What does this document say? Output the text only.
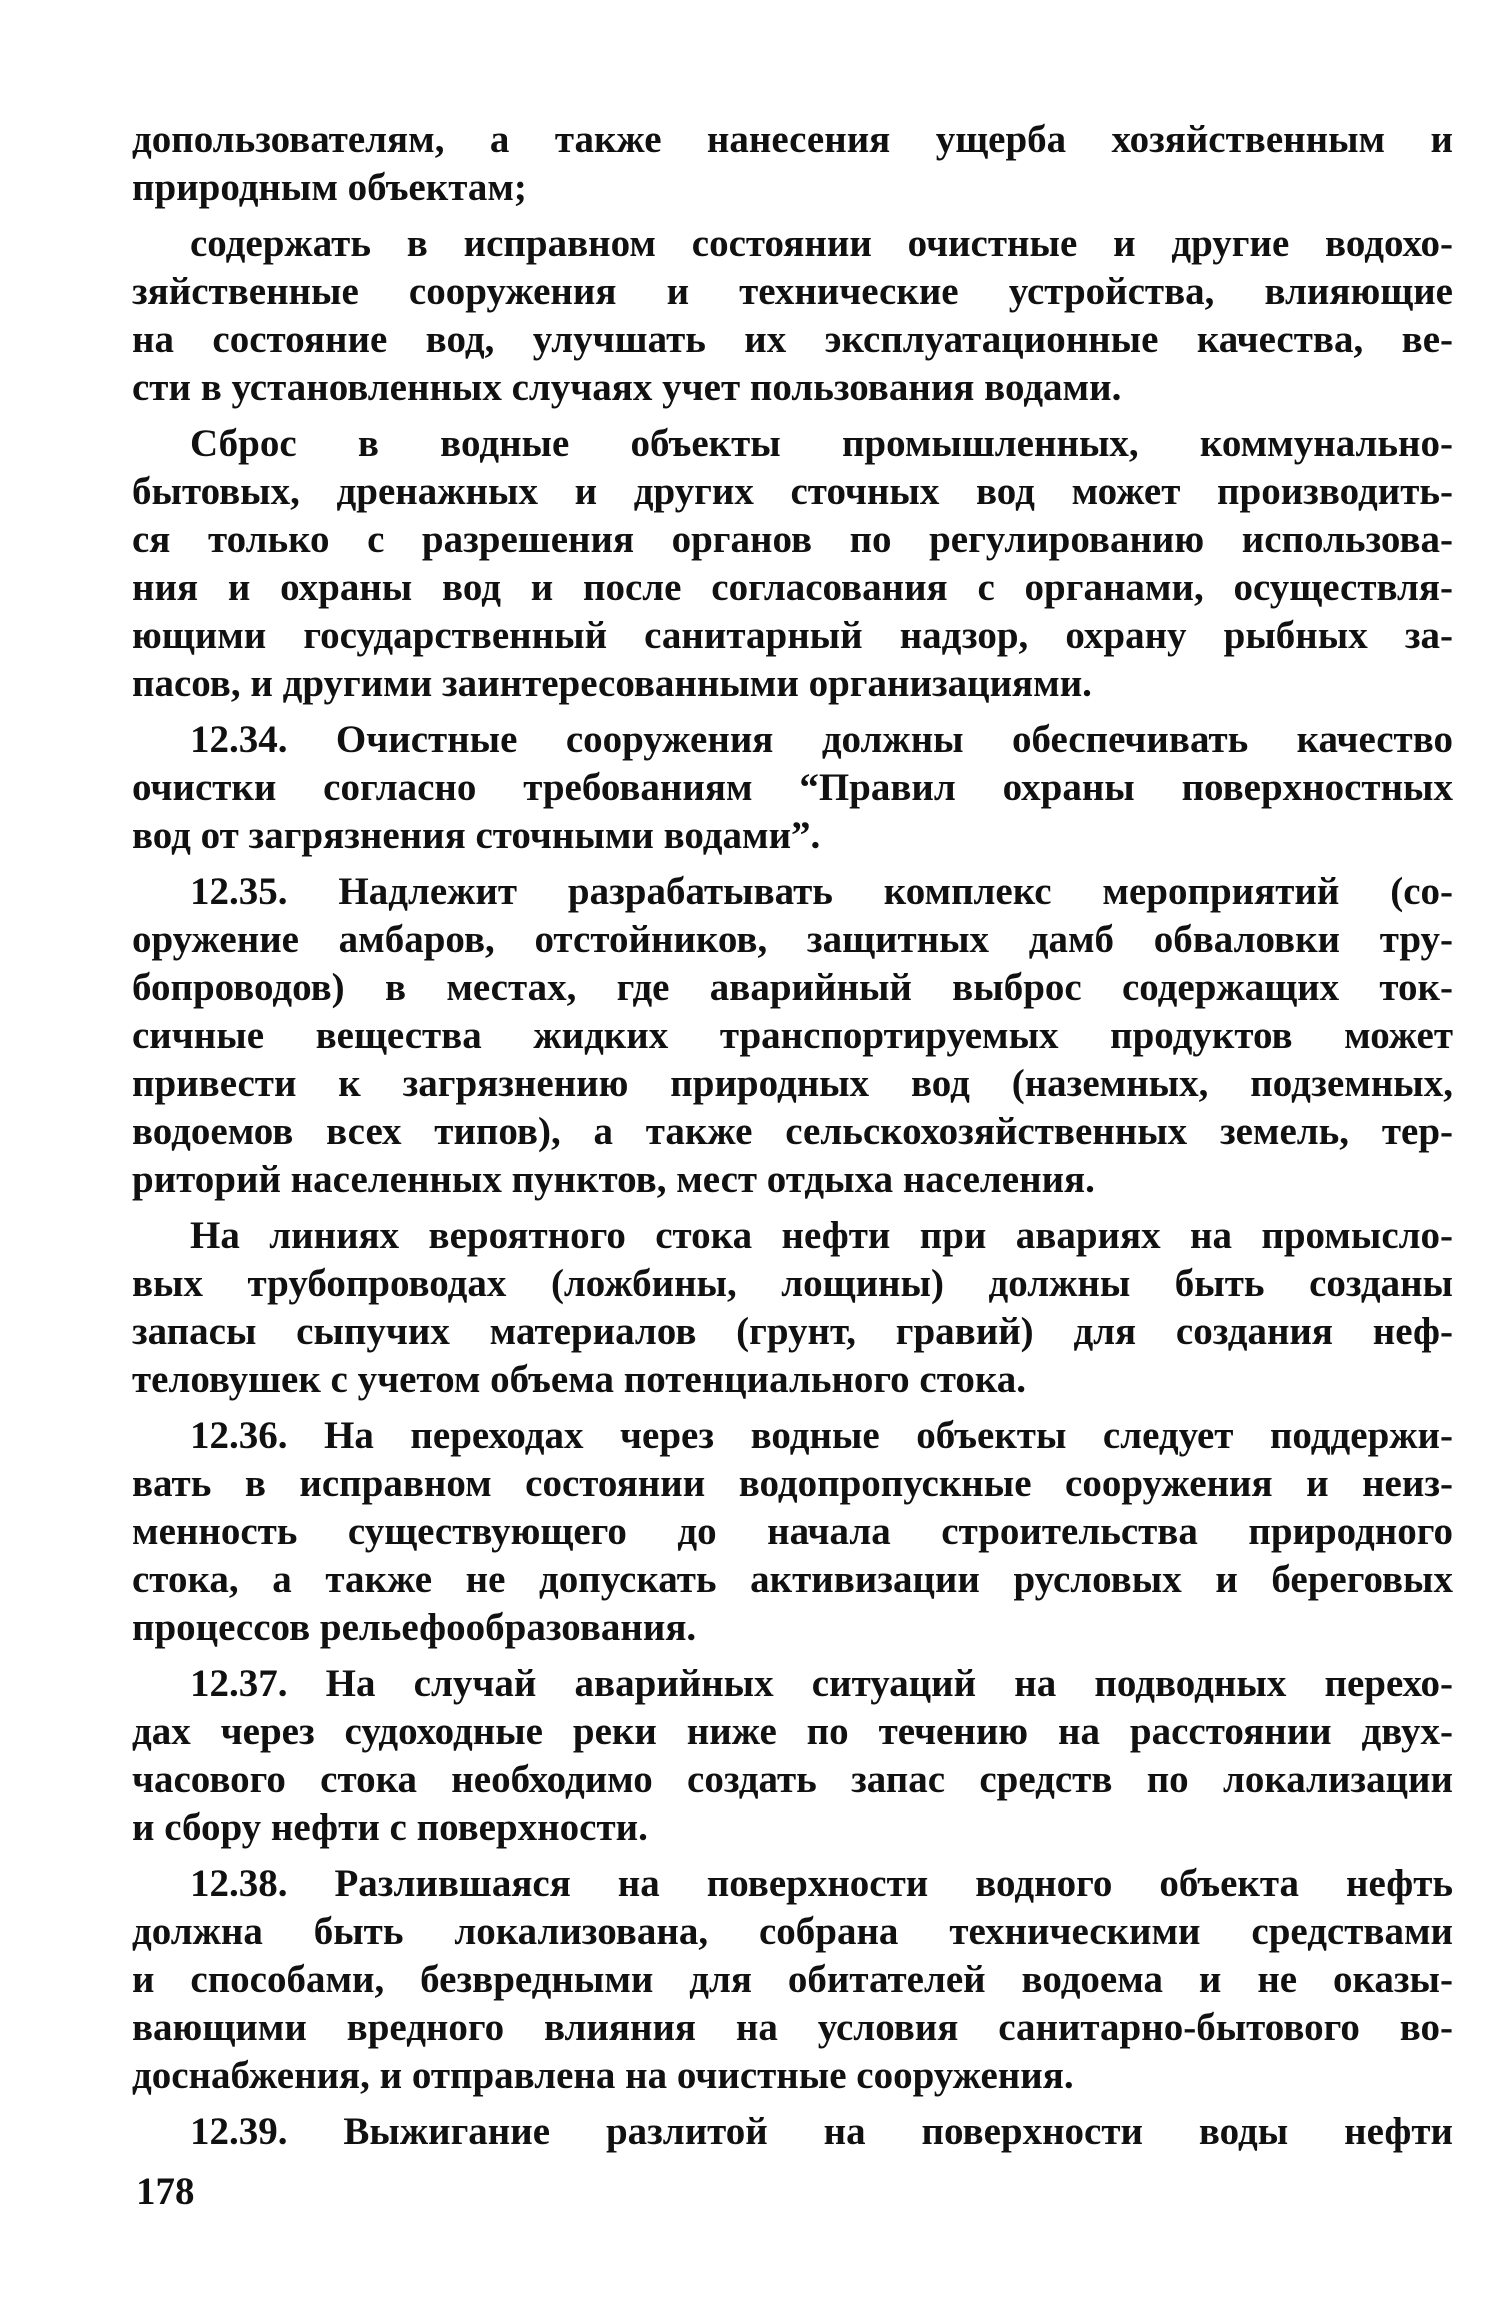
допользователям, а также нанесения ущерба хозяйственным и
природным объектам;
содержать в исправном состоянии очистные и другие водохо-
зяйственные сооружения и технические устройства, влияющие
на состояние вод, улучшать их эксплуатационные качества, ве-
сти в установленных случаях учет пользования водами.
Сброс в водные объекты промышленных, коммунально-
бытовых, дренажных и других сточных вод может производить-
ся только с разрешения органов по регулированию использова-
ния и охраны вод и после согласования с органами, осуществля-
ющими государственный санитарный надзор, охрану рыбных за-
пасов, и другими заинтересованными организациями.
12.34. Очистные сооружения должны обеспечивать качество
очистки согласно требованиям “Правил охраны поверхностных
вод от загрязнения сточными водами”.
12.35. Надлежит разрабатывать комплекс мероприятий (со-
оружение амбаров, отстойников, защитных дамб обваловки тру-
бопроводов) в местах, где аварийный выброс содержащих ток-
сичные вещества жидких транспортируемых продуктов может
привести к загрязнению природных вод (наземных, подземных,
водоемов всех типов), а также сельскохозяйственных земель, тер-
риторий населенных пунктов, мест отдыха населения.
На линиях вероятного стока нефти при авариях на промысло-
вых трубопроводах (ложбины, лощины) должны быть созданы
запасы сыпучих материалов (грунт, гравий) для создания неф-
теловушек с учетом объема потенциального стока.
12.36. На переходах через водные объекты следует поддержи-
вать в исправном состоянии водопропускные сооружения и неиз-
менность существующего до начала строительства природного
стока, а также не допускать активизации русловых и береговых
процессов рельефообразования.
12.37. На случай аварийных ситуаций на подводных перехо-
дах через судоходные реки ниже по течению на расстоянии двух-
часового стока необходимо создать запас средств по локализации
и сбору нефти с поверхности.
12.38. Разлившаяся на поверхности водного объекта нефть
должна быть локализована, собрана техническими средствами
и способами, безвредными для обитателей водоема и не оказы-
вающими вредного влияния на условия санитарно-бытового во-
доснабжения, и отправлена на очистные сооружения.
12.39. Выжигание разлитой на поверхности воды нефти
178
